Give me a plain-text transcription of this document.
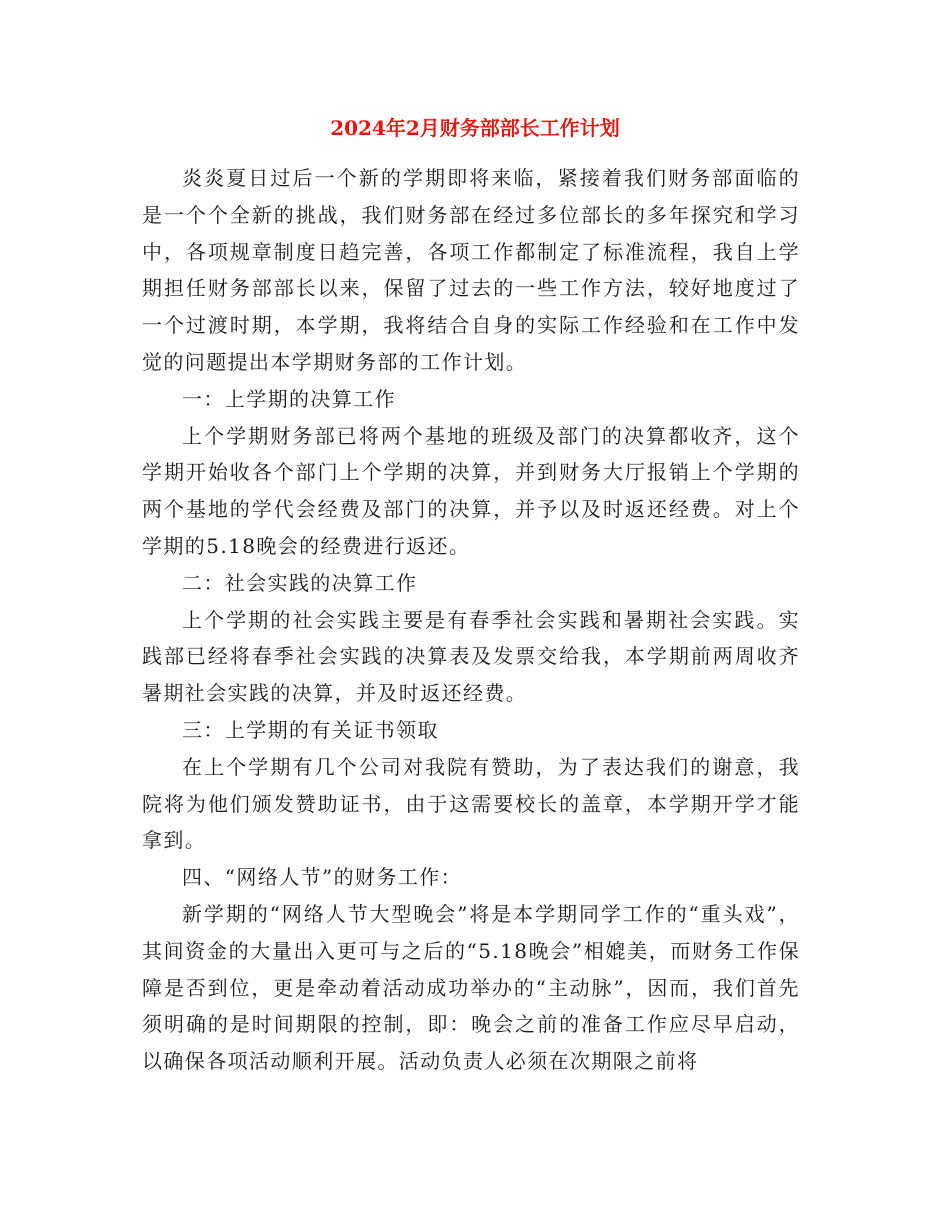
2024年2月财务部部长工作计划

炎炎夏日过后一个新的学期即将来临，紧接着我们财务部面临的是一个个全新的挑战，我们财务部在经过多位部长的多年探究和学习中，各项规章制度日趋完善，各项工作都制定了标准流程，我自上学期担任财务部部长以来，保留了过去的一些工作方法，较好地度过了一个过渡时期，本学期，我将结合自身的实际工作经验和在工作中发觉的问题提出本学期财务部的工作计划。

一：上学期的决算工作

上个学期财务部已将两个基地的班级及部门的决算都收齐，这个学期开始收各个部门上个学期的决算，并到财务大厅报销上个学期的两个基地的学代会经费及部门的决算，并予以及时返还经费。对上个学期的5.18晚会的经费进行返还。

二：社会实践的决算工作

上个学期的社会实践主要是有春季社会实践和暑期社会实践。实践部已经将春季社会实践的决算表及发票交给我，本学期前两周收齐暑期社会实践的决算，并及时返还经费。

三：上学期的有关证书领取

在上个学期有几个公司对我院有赞助，为了表达我们的谢意，我院将为他们颁发赞助证书，由于这需要校长的盖章，本学期开学才能拿到。

四、“网络人节”的财务工作：

新学期的“网络人节大型晚会”将是本学期同学工作的“重头戏”，其间资金的大量出入更可与之后的“5.18晚会”相媲美，而财务工作保障是否到位，更是牵动着活动成功举办的“主动脉”，因而，我们首先须明确的是时间期限的控制，即：晚会之前的准备工作应尽早启动，以确保各项活动顺利开展。活动负责人必须在次期限之前将
